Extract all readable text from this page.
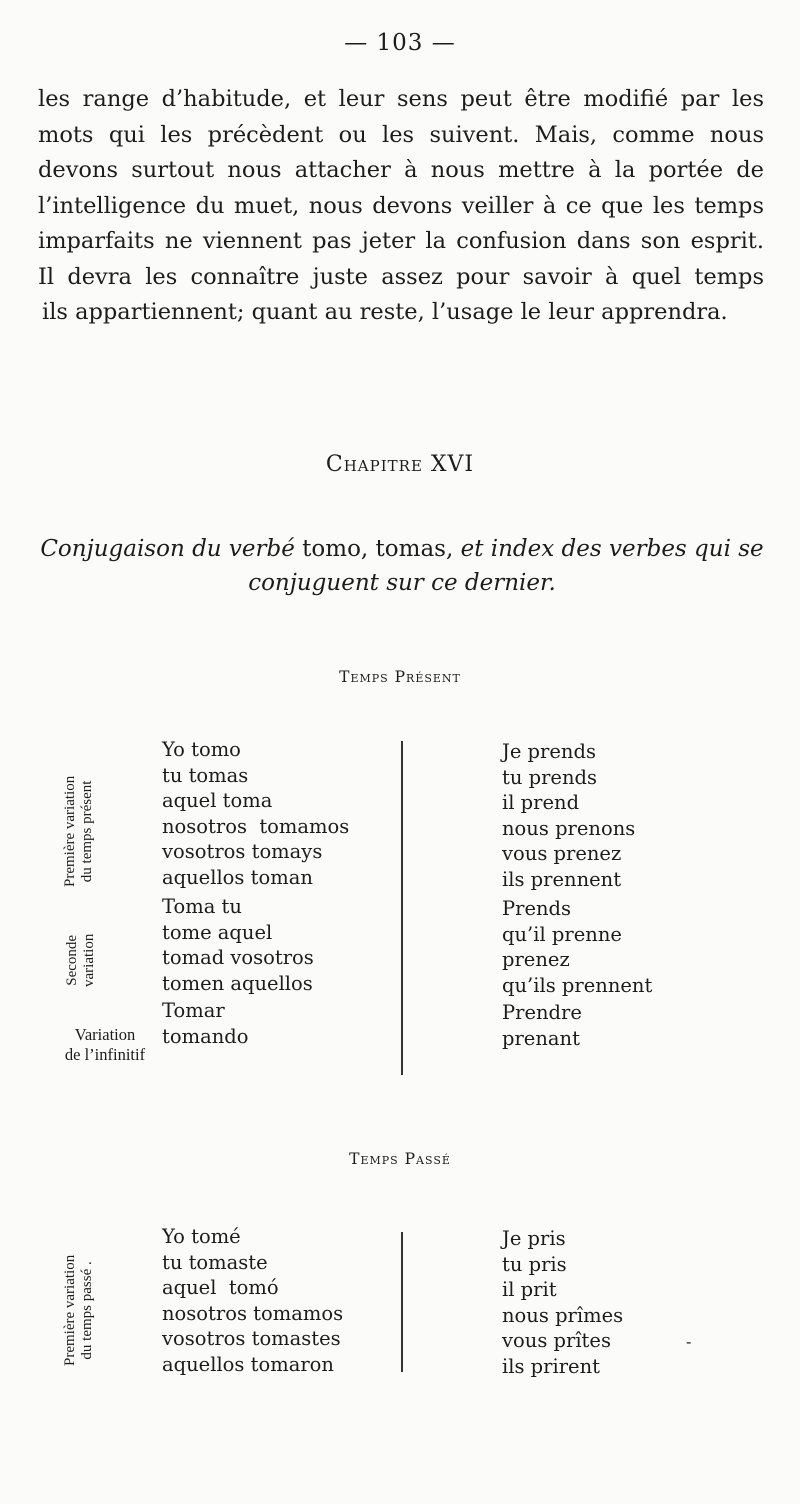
— 103 —
les range d’habitude, et leur sens peut être modifié par les
mots qui les précèdent ou les suivent. Mais, comme nous
devons surtout nous attacher à nous mettre à la portée de
l’intelligence du muet, nous devons veiller à ce que les temps
imparfaits ne viennent pas jeter la confusion dans son esprit.
Il devra les connaître juste assez pour savoir à quel temps
ils appartiennent; quant au reste, l’usage le leur apprendra.
Chapitre XVI
Conjugaison du verbé tomo, tomas, et index des verbes qui se conjuguent sur ce dernier.
Temps Présent
Première variation du temps présent
Seconde variation
Variation
de l’infinitif
Yo tomo
tu tomas
aquel toma
nosotros  tomamos
vosotros tomays
aquellos toman
Toma tu
tome aquel
tomad vosotros
tomen aquellos
Tomar
tomando
Je prends
tu prends
il prend
nous prenons
vous prenez
ils prennent
Prends
qu’il prenne
prenez
qu’ils prennent
Prendre
prenant
Temps Passé
Première variation du temps passé .
Yo tomé
tu tomaste
aquel  tomó
nosotros tomamos
vosotros tomastes
aquellos tomaron
Je pris
tu pris
il prit
nous prîmes
vous prîtes
ils prirent
-
